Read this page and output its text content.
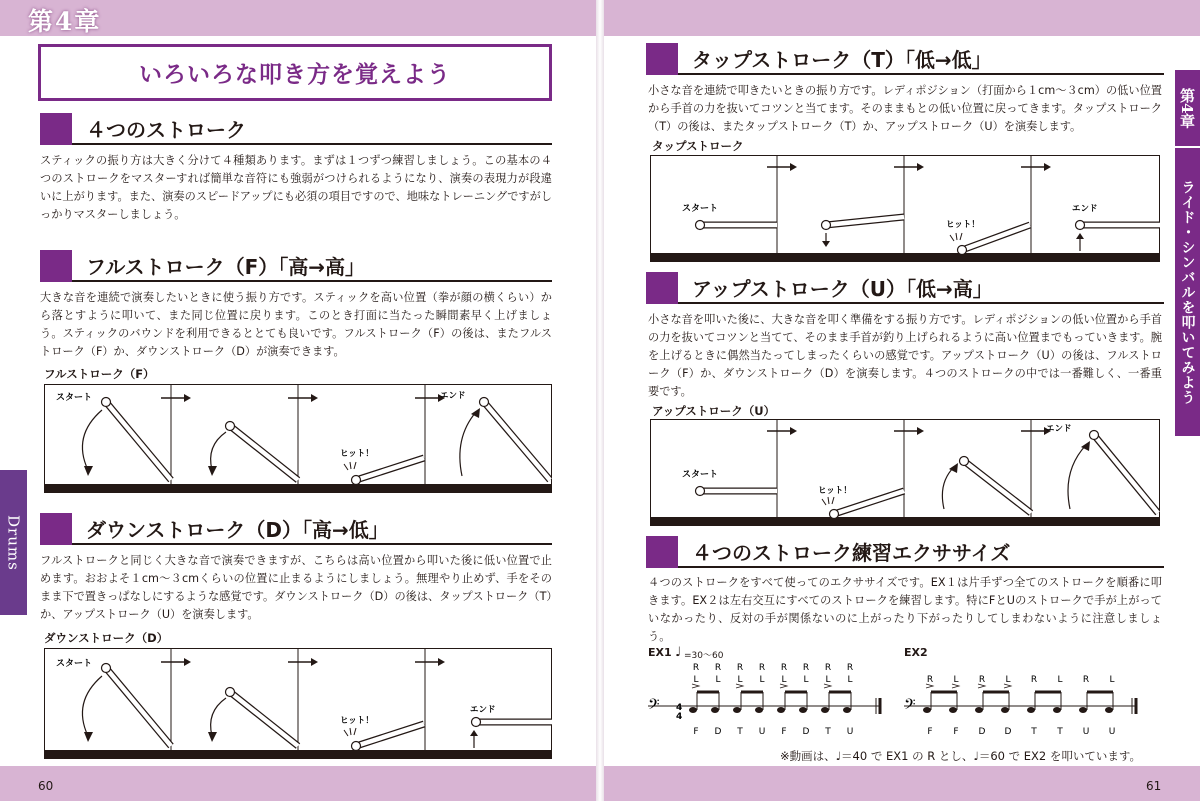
第4章
60	61
Drums
第4章
ライド・シンバルを叩いてみよう
いろいろな叩き方を覚えよう
４つのストローク
スティックの振り方は大きく分けて４種類あります。まずは１つずつ練習しましょう。この基本の４つのストロークをマスターすれば簡単な音符にも強弱がつけられるようになり、演奏の表現力が段違いに上がります。また、演奏のスピードアップにも必須の項目ですので、地味なトレーニングですがしっかりマスターしましょう。
フルストローク（F）「高→高」
大きな音を連続で演奏したいときに使う振り方です。スティックを高い位置（拳が顔の横くらい）から落とすように叩いて、また同じ位置に戻ります。このとき打面に当たった瞬間素早く上げましょう。スティックのバウンドを利用できるととても良いです。フルストローク（F）の後は、またフルストローク（F）か、ダウンストローク（D）が演奏できます。
フルストローク（F）
スタート
ヒット！
エンド
ダウンストローク（D）「高→低」
フルストロークと同じく大きな音で演奏できますが、こちらは高い位置から叩いた後に低い位置で止めます。おおよそ１cm～３cmくらいの位置に止まるようにしましょう。無理やり止めず、手をそのまま下で置きっぱなしにするような感覚です。ダウンストローク（D）の後は、タップストローク（T）か、アップストローク（U）を演奏します。
ダウンストローク（D）
スタート
ヒット！
エンド
タップストローク（T）「低→低」
小さな音を連続で叩きたいときの振り方です。レディポジション（打面から１cm～３cm）の低い位置から手首の力を抜いてコツンと当てます。そのままもとの低い位置に戻ってきます。タップストローク（T）の後は、またタップストローク（T）か、アップストローク（U）を演奏します。
タップストローク
スタート
ヒット！
エンド
アップストローク（U）「低→高」
小さな音を叩いた後に、大きな音を叩く準備をする振り方です。レディポジションの低い位置から手首の力を抜いてコツンと当てて、そのまま手首が釣り上げられるように高い位置までもっていきます。腕を上げるときに偶然当たってしまったくらいの感覚です。アップストローク（U）の後は、フルストローク（F）か、ダウンストローク（D）を演奏します。４つのストロークの中では一番難しく、一番重要です。
アップストローク（U）
スタート
ヒット！
エンド
４つのストローク練習エクササイズ
４つのストロークをすべて使ってのエクササイズです。EX１は片手ずつ全てのストロークを順番に叩きます。EX２は左右交互にすべてのストロークを練習します。特にFとUのストロークで手が上がっていなかったり、反対の手が関係ないのに上がったり下がったりしてしまわないように注意しましょう。
EX1 ♩ =30～60
R R R R R R R R
L L L L L L L L
𝄢 4
4
F D T U F D T U
EX2
R L R L R L R L
𝄢
F F D D T T U U
※動画は、♩＝40 で EX1 の R とし、♩＝60 で EX2 を叩いています。
